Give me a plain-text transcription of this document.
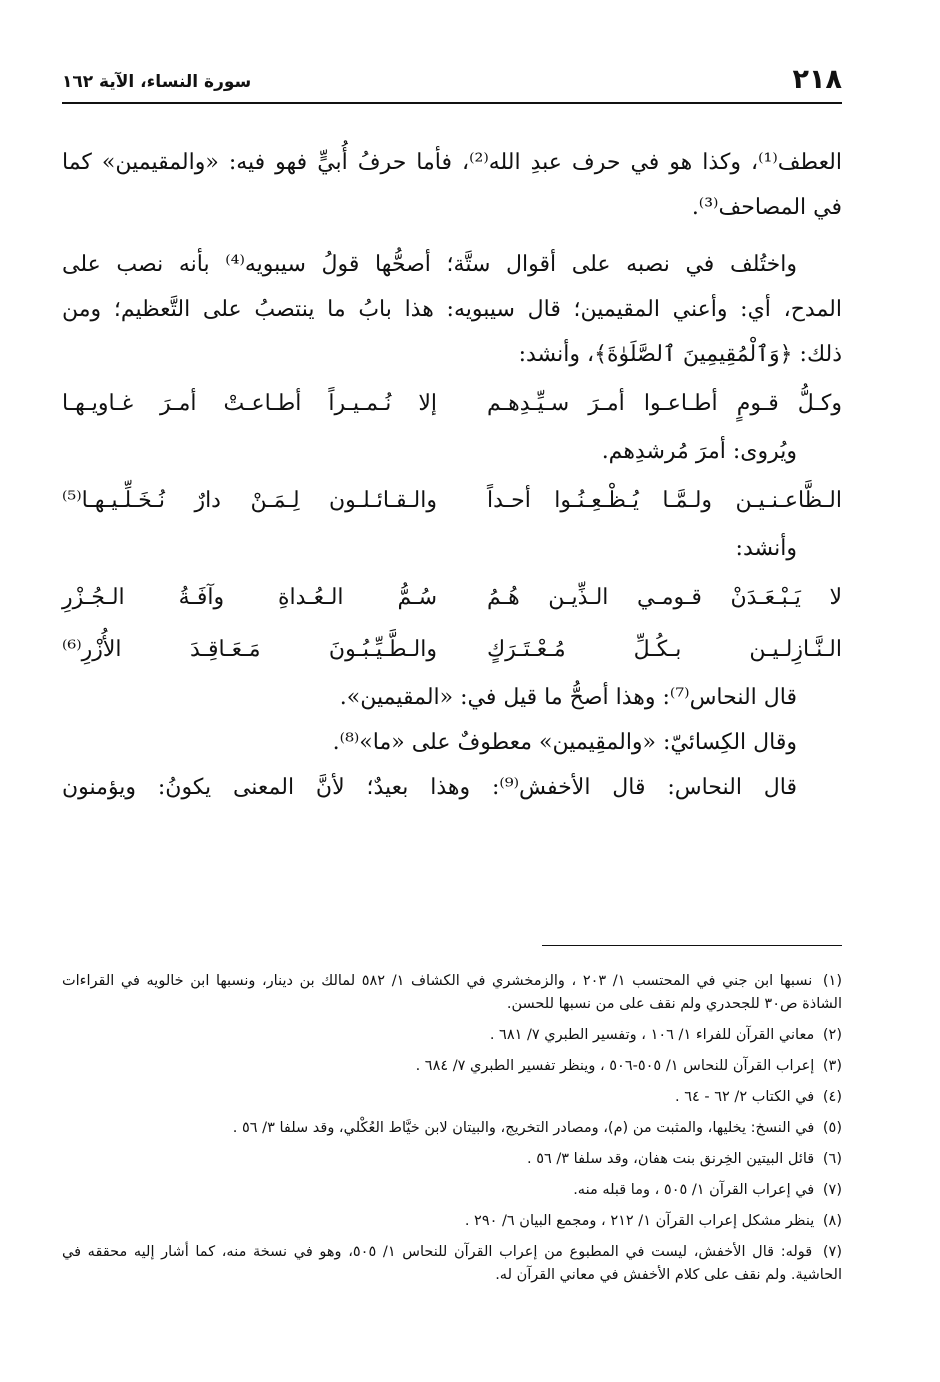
٢١٨
سورة النساء، الآية ١٦٢
العطف⁽¹⁾، وكذا هو في حرف عبدِ الله⁽²⁾، فأما حرفُ أُبيٍّ فهو فيه: «والمقيمين» كما
في المصاحف⁽³⁾.
واختُلف في نصبه على أقوال ستَّة؛ أصحُّها قولُ سيبويه⁽⁴⁾ بأنه نصب على
المدح، أي: وأعني المقيمين؛ قال سيبويه: هذا بابُ ما ينتصبُ على التَّعظيم؛ ومن
ذلك: ﴿وَٱلْمُقِيمِينَ ٱلصَّلَوٰةَ﴾، وأنشد:
وكـلُّ قـومٍ أطـاعـوا أمـرَ سـيِّـدِهـم
إلا نُـمـيـراً أطـاعـتْ أمـرَ غـاويـهـا
ويُروى: أمرَ مُرشدِهم.
الـظَّاعـنـيـن ولـمَّـا يُـظْـعِـنُـوا أحـداً
والـقـائـلـون لِـمَـنْ دارٌ نُـخَـلِّـيـهـا⁽⁵⁾
وأنشد:
لا يَـبْـعَـدَنْ قـومـي الـذِّيـن هُـمُ
سُـمُّ الـعُـداةِ وآفَـةُ الـجُـزْرِ
الـنَّـازِلـيـن بـكُـلِّ مُـعْـتَـرَكٍ
والـطَّـيِّـبُـونَ مَـعَـاقِـدَ الأُزْرِ⁽⁶⁾
قال النحاس⁽⁷⁾: وهذا أصحُّ ما قيل في: «المقيمين».
وقال الكِسائيّ: «والمقِيمين» معطوفٌ على «ما»⁽⁸⁾.
قال النحاس: قال الأخفش⁽⁹⁾: وهذا بعيدٌ؛ لأنَّ المعنى يكونُ: ويؤمنون
(١) نسبها ابن جني في المحتسب ١/ ٢٠٣ ، والزمخشري في الكشاف ١/ ٥٨٢ لمالك بن دينار، ونسبها ابن خالويه في القراءات الشاذة ص٣٠ للجحدري ولم نقف على من نسبها للحسن.
(٢) معاني القرآن للفراء ١/ ١٠٦ ، وتفسير الطبري ٧/ ٦٨١ .
(٣) إعراب القرآن للنحاس ١/ ٥٠٥-٥٠٦ ، وينظر تفسير الطبري ٧/ ٦٨٤ .
(٤) في الكتاب ٢/ ٦٢ - ٦٤ .
(٥) في النسخ: يخليها، والمثبت من (م)، ومصادر التخريج، والبيتان لابن خيَّاط العُكْلي، وقد سلفا ٣/ ٥٦ .
(٦) قائل البيتين الخِرنق بنت هفان، وقد سلفا ٣/ ٥٦ .
(٧) في إعراب القرآن ١/ ٥٠٥ ، وما قبله منه.
(٨) ينظر مشكل إعراب القرآن ١/ ٢١٢ ، ومجمع البيان ٦/ ٢٩٠ .
(٧) قوله: قال الأخفش، ليست في المطبوع من إعراب القرآن للنحاس ١/ ٥٠٥، وهو في نسخة منه، كما أشار إليه محققه في الحاشية. ولم نقف على كلام الأخفش في معاني القرآن له.
